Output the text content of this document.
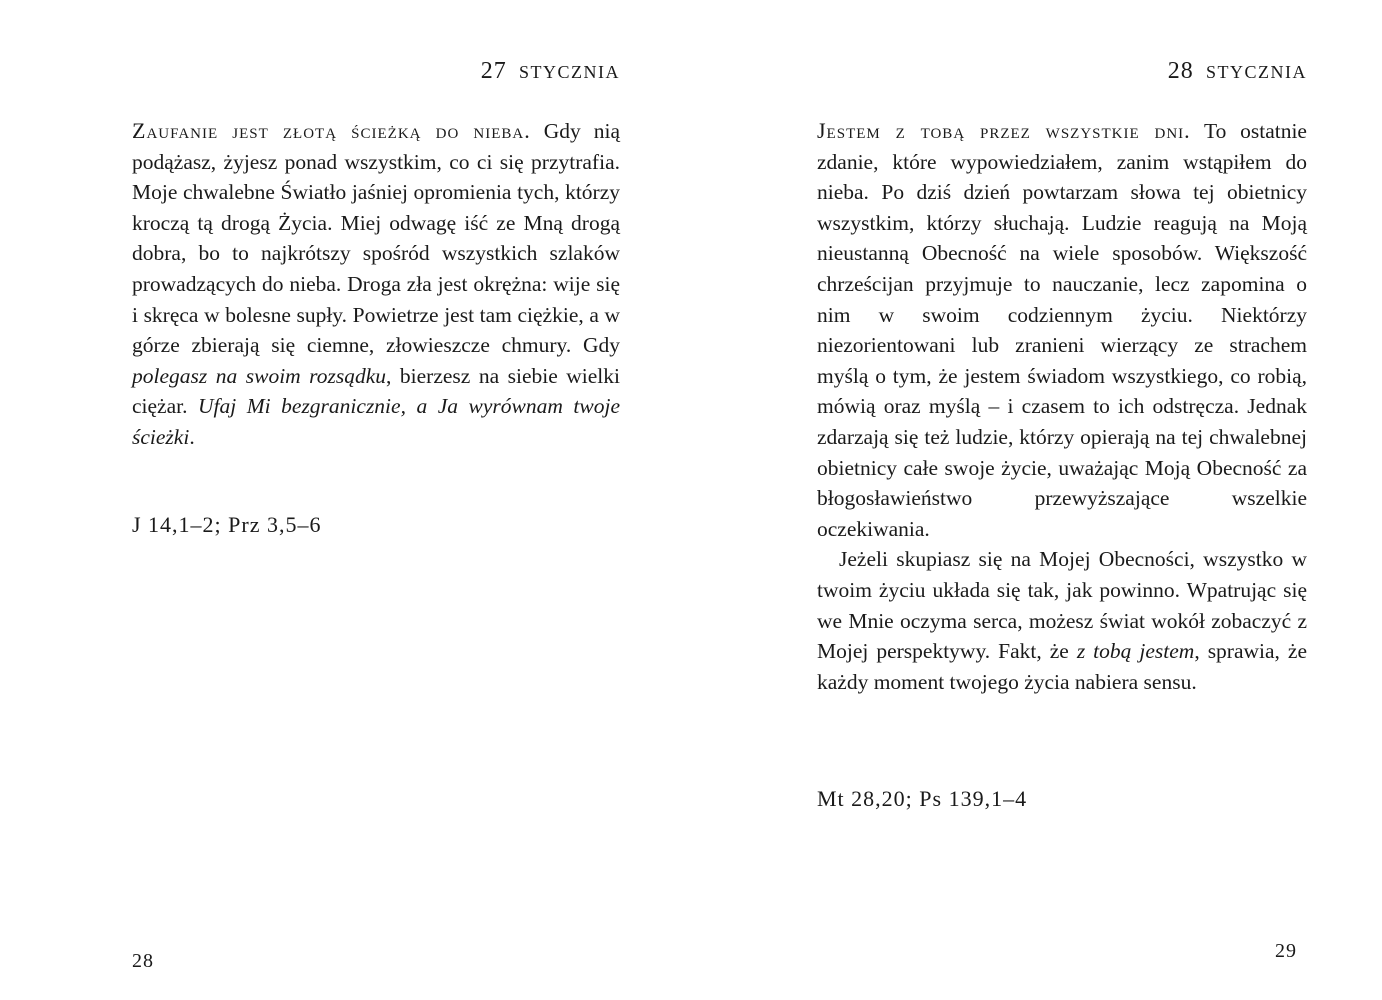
27 STYCZNIA

Zaufanie jest złotą ścieżką do nieba. Gdy nią podążasz, żyjesz ponad wszystkim, co ci się przytrafia. Moje chwalebne Światło jaśniej opromienia tych, którzy kroczą tą drogą Życia. Miej odwagę iść ze Mną drogą dobra, bo to najkrótszy spośród wszystkich szlaków prowadzących do nieba. Droga zła jest okrężna: wije się i skręca w bolesne supły. Powietrze jest tam ciężkie, a w górze zbierają się ciemne, złowieszcze chmury. Gdy polegasz na swoim rozsądku, bierzesz na siebie wielki ciężar. Ufaj Mi bezgranicznie, a Ja wyrównam twoje ścieżki.

J 14,1–2; Prz 3,5–6
28
28 STYCZNIA

Jestem z tobą przez wszystkie dni. To ostatnie zdanie, które wypowiedziałem, zanim wstąpiłem do nieba. Po dziś dzień powtarzam słowa tej obietnicy wszystkim, którzy słuchają. Ludzie reagują na Moją nieustanną Obecność na wiele sposobów. Większość chrześcijan przyjmuje to nauczanie, lecz zapomina o nim w swoim codziennym życiu. Niektórzy niezorientowani lub zranieni wierzący ze strachem myślą o tym, że jestem świadom wszystkiego, co robią, mówią oraz myślą – i czasem to ich odstręcza. Jednak zdarzają się też ludzie, którzy opierają na tej chwalebnej obietnicy całe swoje życie, uważając Moją Obecność za błogosławieństwo przewyższające wszelkie oczekiwania.

Jeżeli skupiasz się na Mojej Obecności, wszystko w twoim życiu układa się tak, jak powinno. Wpatrując się we Mnie oczyma serca, możesz świat wokół zobaczyć z Mojej perspektywy. Fakt, że z tobą jestem, sprawia, że każdy moment twojego życia nabiera sensu.

Mt 28,20; Ps 139,1–4
29
